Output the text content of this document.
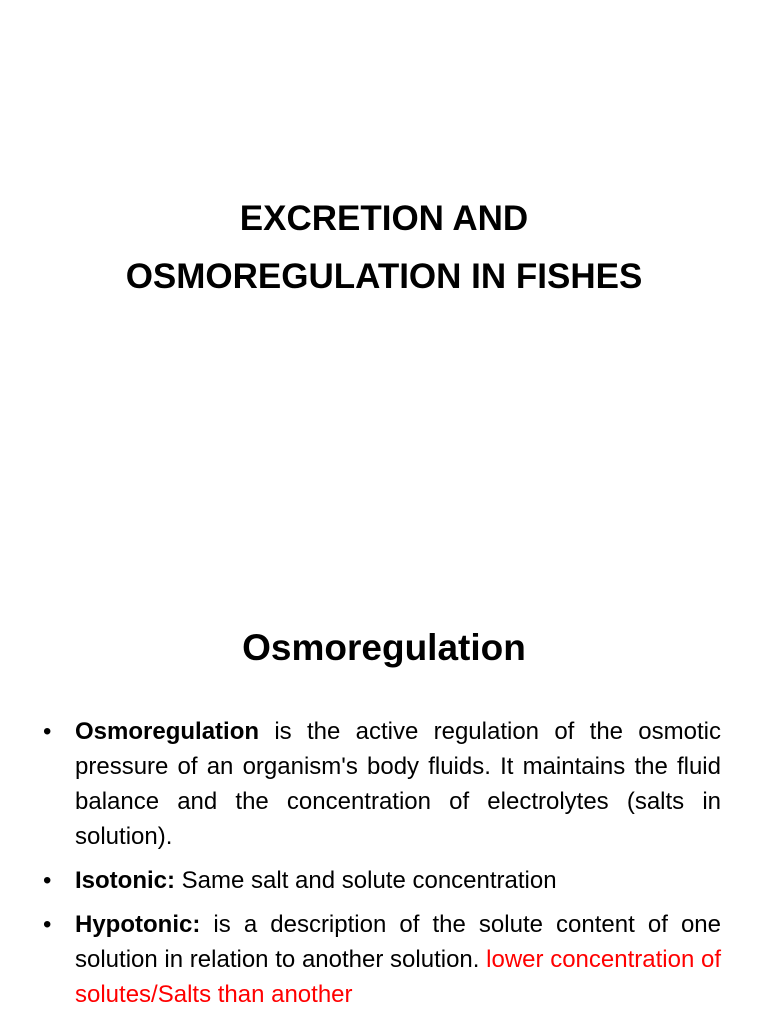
EXCRETION AND
OSMOREGULATION IN FISHES
Osmoregulation
• Osmoregulation is the active regulation of the osmotic pressure of an organism's body fluids. It maintains the fluid balance and the concentration of electrolytes (salts in solution).
• Isotonic: Same salt and solute concentration
• Hypotonic: is a description of the solute content of one solution in relation to another solution. lower concentration of solutes/Salts than another
